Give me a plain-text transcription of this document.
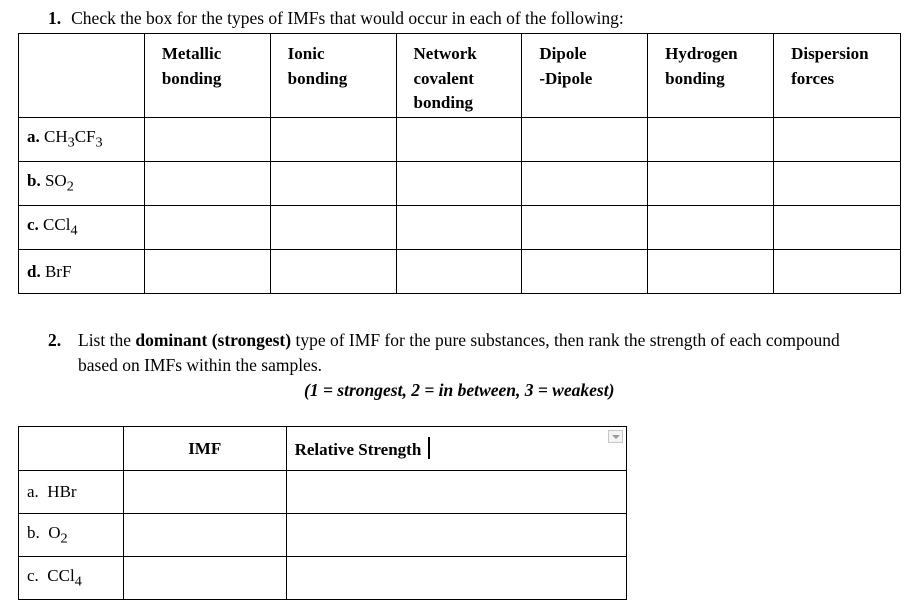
1. Check the box for the types of IMFs that would occur in each of the following:
	Metallic
bonding	Ionic
bonding	Network
covalent
bonding	Dipole
-Dipole	Hydrogen
bonding	Dispersion
forces
a. $CH_3CF_3$						
b. $SO_2$						
c. CCl$_4$						
d. BrF						
2. List the dominant (strongest) type of IMF for the pure substances, then rank the strength of each compound based on IMFs within the samples.
(1 = strongest, 2 = in between, 3 = weakest)
	IMF	Relative Strength
a. HBr		
b. $O_2$		
c. CCl$_4$		
